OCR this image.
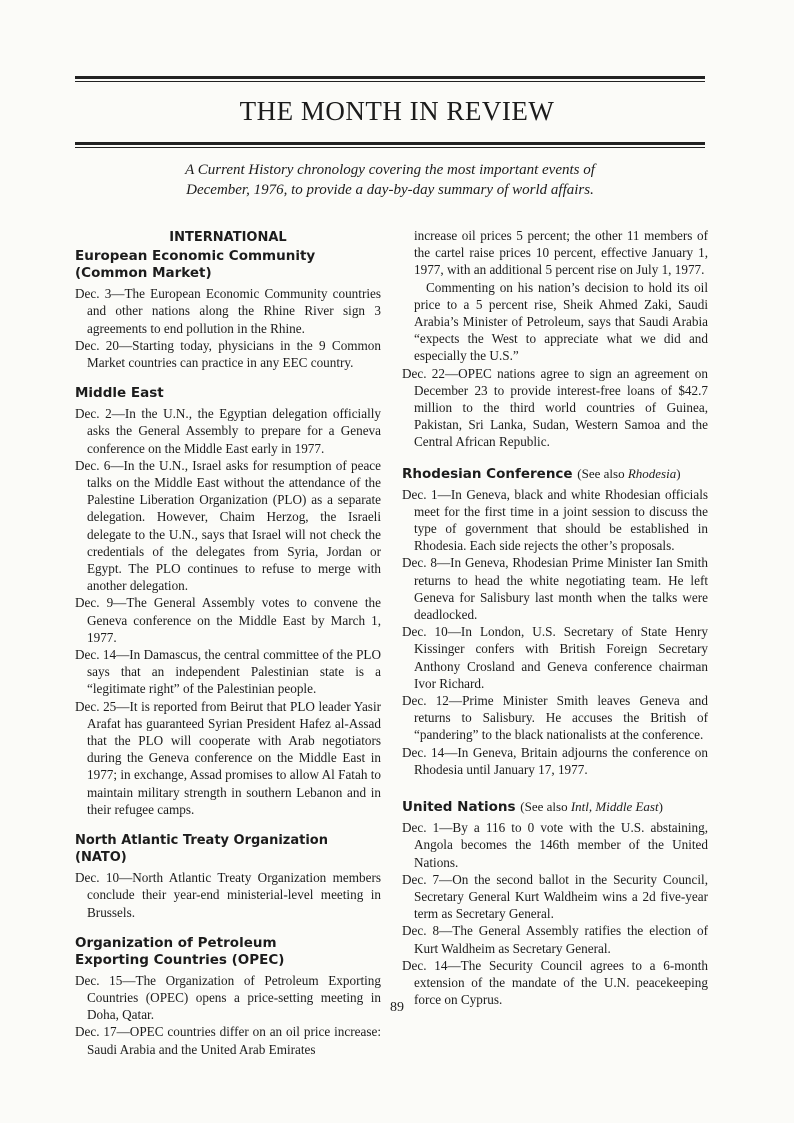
THE MONTH IN REVIEW
A Current History chronology covering the most important events of
December, 1976, to provide a day-by-day summary of world affairs.
INTERNATIONAL
European Economic Community
(Common Market)

Dec. 3—The European Economic Community countries and other nations along the Rhine River sign 3 agreements to end pollution in the Rhine.

Dec. 20—Starting today, physicians in the 9 Common Market countries can practice in any EEC country.

Middle East

Dec. 2—In the U.N., the Egyptian delegation officially asks the General Assembly to prepare for a Geneva conference on the Middle East early in 1977.

Dec. 6—In the U.N., Israel asks for resumption of peace talks on the Middle East without the attendance of the Palestine Liberation Organization (PLO) as a separate delegation. However, Chaim Herzog, the Israeli delegate to the U.N., says that Israel will not check the credentials of the delegates from Syria, Jordan or Egypt. The PLO continues to refuse to merge with another delegation.

Dec. 9—The General Assembly votes to convene the Geneva conference on the Middle East by March 1, 1977.

Dec. 14—In Damascus, the central committee of the PLO says that an independent Palestinian state is a “legitimate right” of the Palestinian people.

Dec. 25—It is reported from Beirut that PLO leader Yasir Arafat has guaranteed Syrian President Hafez al-Assad that the PLO will cooperate with Arab negotiators during the Geneva conference on the Middle East in 1977; in exchange, Assad promises to allow Al Fatah to maintain military strength in southern Lebanon and in their refugee camps.

North Atlantic Treaty Organization (NATO)

Dec. 10—North Atlantic Treaty Organization members conclude their year-end ministerial-level meeting in Brussels.

Organization of Petroleum
Exporting Countries (OPEC)

Dec. 15—The Organization of Petroleum Exporting Countries (OPEC) opens a price-setting meeting in Doha, Qatar.

Dec. 17—OPEC countries differ on an oil price increase: Saudi Arabia and the United Arab Emirates

increase oil prices 5 percent; the other 11 members of the cartel raise prices 10 percent, effective January 1, 1977, with an additional 5 percent rise on July 1, 1977.

Commenting on his nation’s decision to hold its oil price to a 5 percent rise, Sheik Ahmed Zaki, Saudi Arabia’s Minister of Petroleum, says that Saudi Arabia “expects the West to appreciate what we did and especially the U.S.”

Dec. 22—OPEC nations agree to sign an agreement on December 23 to provide interest-free loans of $42.7 million to the third world countries of Guinea, Pakistan, Sri Lanka, Sudan, Western Samoa and the Central African Republic.

Rhodesian Conference (See also Rhodesia)

Dec. 1—In Geneva, black and white Rhodesian officials meet for the first time in a joint session to discuss the type of government that should be established in Rhodesia. Each side rejects the other’s proposals.

Dec. 8—In Geneva, Rhodesian Prime Minister Ian Smith returns to head the white negotiating team. He left Geneva for Salisbury last month when the talks were deadlocked.

Dec. 10—In London, U.S. Secretary of State Henry Kissinger confers with British Foreign Secretary Anthony Crosland and Geneva conference chairman Ivor Richard.

Dec. 12—Prime Minister Smith leaves Geneva and returns to Salisbury. He accuses the British of “pandering” to the black nationalists at the conference.

Dec. 14—In Geneva, Britain adjourns the conference on Rhodesia until January 17, 1977.

United Nations (See also Intl, Middle East)

Dec. 1—By a 116 to 0 vote with the U.S. abstaining, Angola becomes the 146th member of the United Nations.

Dec. 7—On the second ballot in the Security Council, Secretary General Kurt Waldheim wins a 2d five-year term as Secretary General.

Dec. 8—The General Assembly ratifies the election of Kurt Waldheim as Secretary General.

Dec. 14—The Security Council agrees to a 6-month extension of the mandate of the U.N. peacekeeping force on Cyprus.

89
